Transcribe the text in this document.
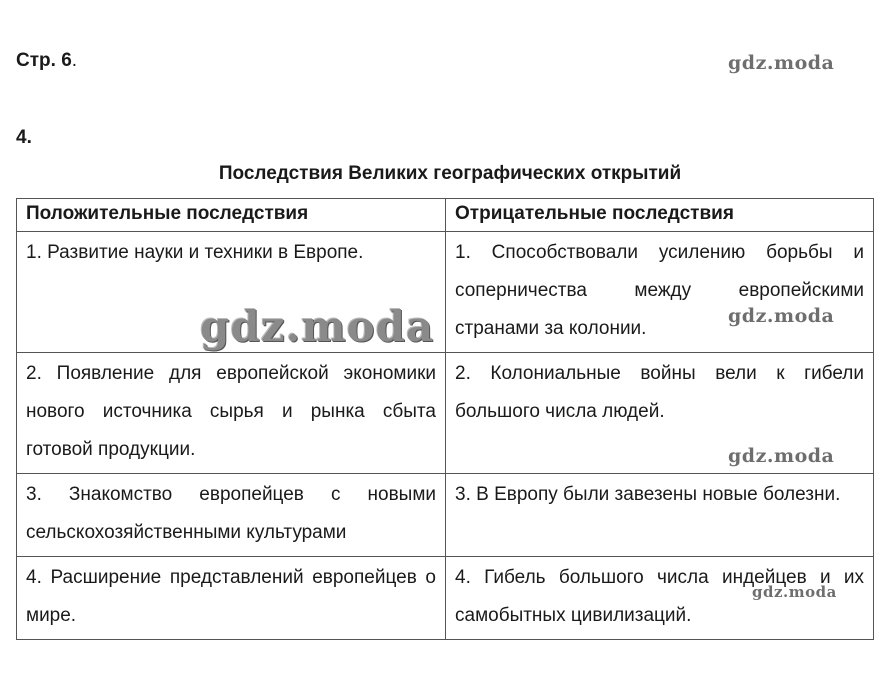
Стр. 6.
4.
Последствия Великих географических открытий
Положительные последствия	Отрицательные последствия
1. Развитие науки и техники в Европе.	1. Способствовали усилению борьбы и соперничества между европейскими странами за колонии.
2. Появление для европейской экономики нового источника сырья и рынка сбыта готовой продукции.	2. Колониальные войны вели к гибели большого числа людей.
3. Знакомство европейцев с новыми сельскохозяйственными культурами	3. В Европу были завезены новые болезни.
4. Расширение представлений европейцев о мире.	4. Гибель большого числа индейцев и их самобытных цивилизаций.
gdz.moda
gdz.moda	gdz.moda
gdz.moda
gdz.moda
